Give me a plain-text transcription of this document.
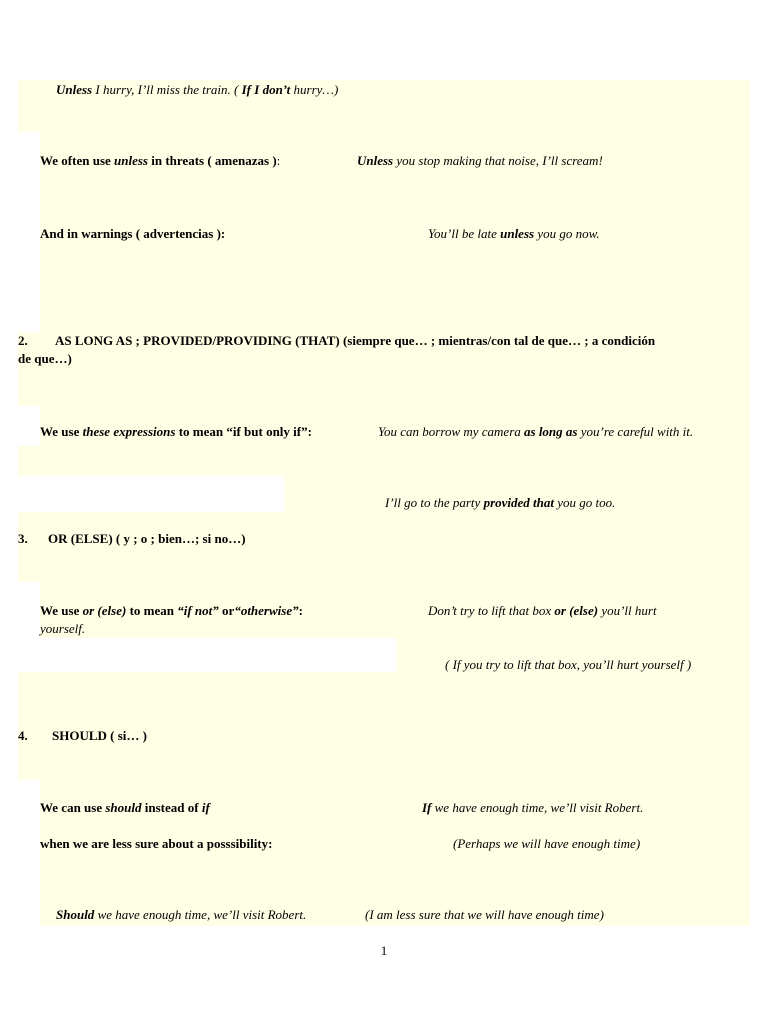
Unless I hurry, I’ll miss the train. ( If I don’t hurry…)
We often use unless in threats ( amenazas ):	Unless you stop making that noise, I’ll scream!
And in warnings ( advertencias ):	You’ll be late unless you go now.
2. AS LONG AS ; PROVIDED/PROVIDING (THAT) (siempre que… ; mientras/con tal de que… ; a condición
de que…)
We use these expressions to mean “if but only if”:	You can borrow my camera as long as you’re careful with it.
I’ll go to the party provided that you go too.
3. OR (ELSE) ( y ; o ; bien…; si no…)
We use or (else) to mean “if not” or“otherwise”:	Don’t try to lift that box or (else) you’ll hurt
yourself.
( If you try to lift that box, you’ll hurt yourself )
4. SHOULD ( si… )
We can use should instead of if	If we have enough time, we’ll visit Robert.
when we are less sure about a posssibility:	(Perhaps we will have enough time)
Should we have enough time, we’ll visit Robert.	(I am less sure that we will have enough time)
1
